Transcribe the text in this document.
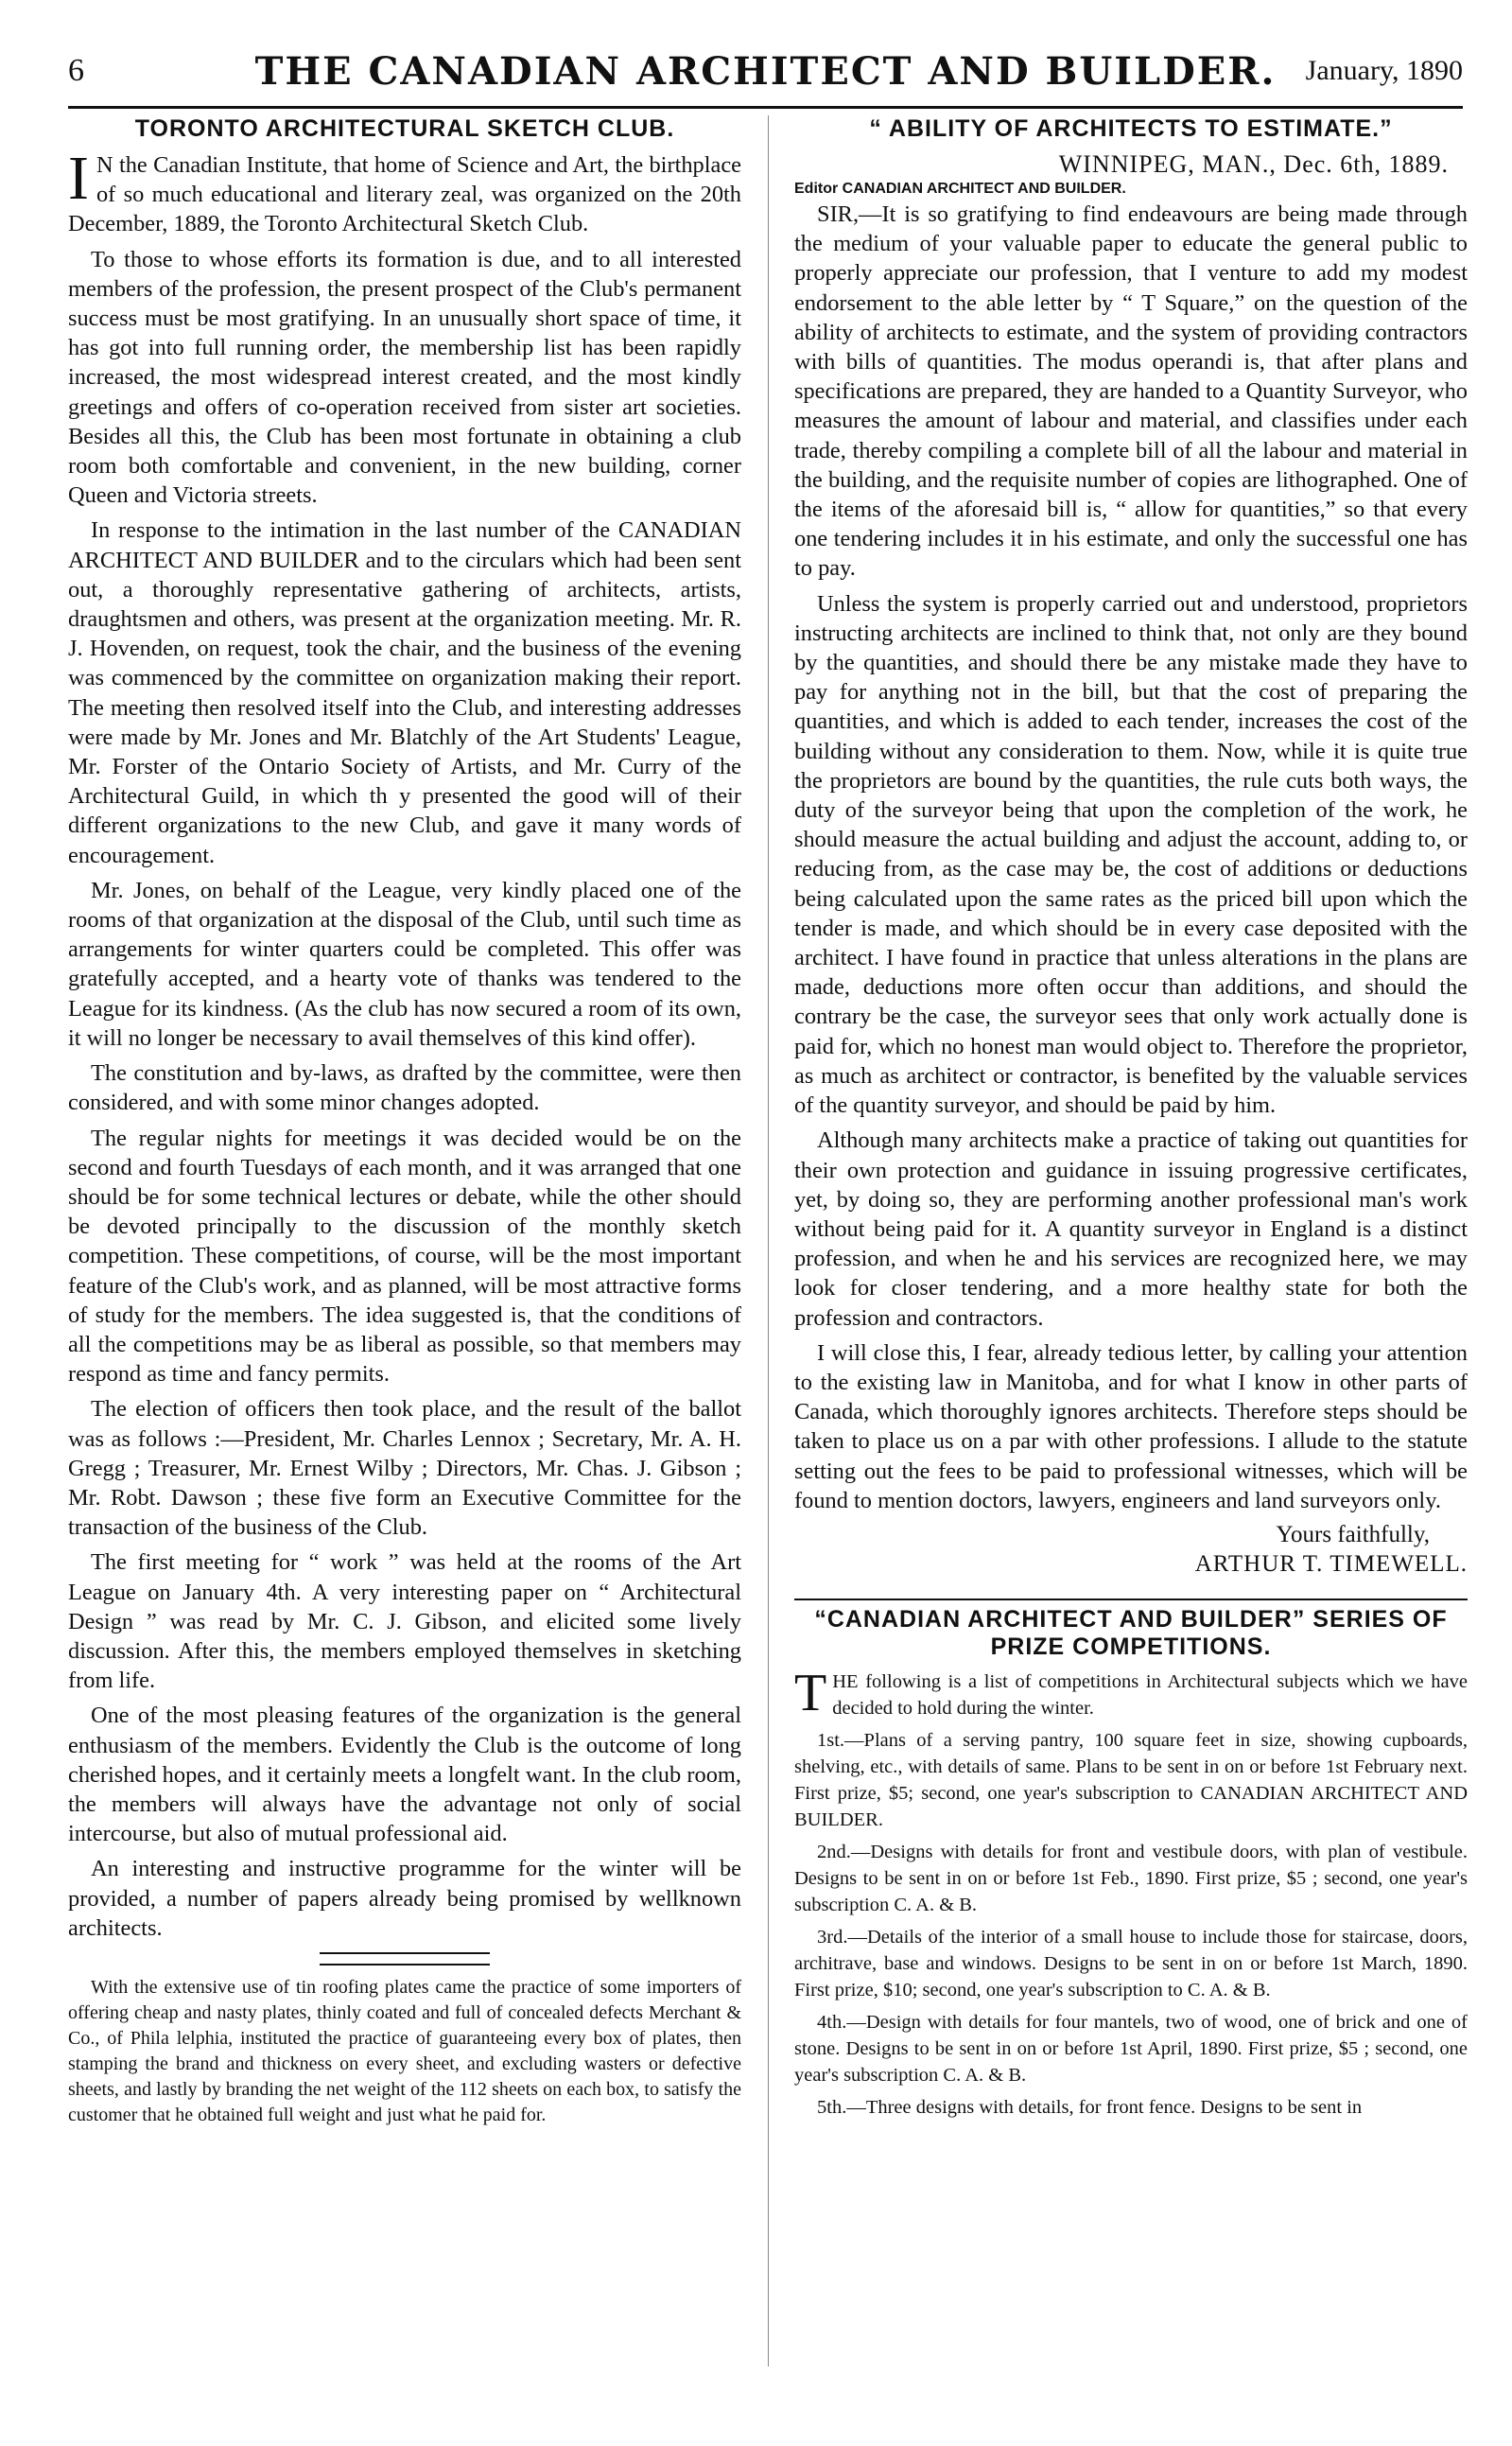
6	THE CANADIAN ARCHITECT AND BUILDER.	January, 1890
TORONTO ARCHITECTURAL SKETCH CLUB.

I N the Canadian Institute, that home of Science and Art, the birthplace of so much educational and literary zeal, was organized on the 20th December, 1889, the Toronto Architectural Sketch Club.

To those to whose efforts its formation is due, and to all interested members of the profession, the present prospect of the Club's permanent success must be most gratifying. In an unusually short space of time, it has got into full running order, the membership list has been rapidly increased, the most widespread interest created, and the most kindly greetings and offers of co-operation received from sister art societies. Besides all this, the Club has been most fortunate in obtaining a club room both comfortable and convenient, in the new building, corner Queen and Victoria streets.

In response to the intimation in the last number of the CANADIAN ARCHITECT AND BUILDER and to the circulars which had been sent out, a thoroughly representative gathering of architects, artists, draughtsmen and others, was present at the organization meeting. Mr. R. J. Hovenden, on request, took the chair, and the business of the evening was commenced by the committee on organization making their report. The meeting then resolved itself into the Club, and interesting addresses were made by Mr. Jones and Mr. Blatchly of the Art Students' League, Mr. Forster of the Ontario Society of Artists, and Mr. Curry of the Architectural Guild, in which th y presented the good will of their different organizations to the new Club, and gave it many words of encouragement.

Mr. Jones, on behalf of the League, very kindly placed one of the rooms of that organization at the disposal of the Club, until such time as arrangements for winter quarters could be completed. This offer was gratefully accepted, and a hearty vote of thanks was tendered to the League for its kindness. (As the club has now secured a room of its own, it will no longer be necessary to avail themselves of this kind offer).

The constitution and by-laws, as drafted by the committee, were then considered, and with some minor changes adopted.

The regular nights for meetings it was decided would be on the second and fourth Tuesdays of each month, and it was arranged that one should be for some technical lectures or debate, while the other should be devoted principally to the discussion of the monthly sketch competition. These competitions, of course, will be the most important feature of the Club's work, and as planned, will be most attractive forms of study for the members. The idea suggested is, that the conditions of all the competitions may be as liberal as possible, so that members may respond as time and fancy permits.

The election of officers then took place, and the result of the ballot was as follows :—President, Mr. Charles Lennox ; Secretary, Mr. A. H. Gregg ; Treasurer, Mr. Ernest Wilby ; Directors, Mr. Chas. J. Gibson ; Mr. Robt. Dawson ; these five form an Executive Committee for the transaction of the business of the Club.

The first meeting for “ work ” was held at the rooms of the Art League on January 4th. A very interesting paper on “ Architectural Design ” was read by Mr. C. J. Gibson, and elicited some lively discussion. After this, the members employed themselves in sketching from life.

One of the most pleasing features of the organization is the general enthusiasm of the members. Evidently the Club is the outcome of long cherished hopes, and it certainly meets a longfelt want. In the club room, the members will always have the advantage not only of social intercourse, but also of mutual professional aid.

An interesting and instructive programme for the winter will be provided, a number of papers already being promised by wellknown architects.

With the extensive use of tin roofing plates came the practice of some importers of offering cheap and nasty plates, thinly coated and full of concealed defects Merchant & Co., of Phila lelphia, instituted the practice of guaranteeing every box of plates, then stamping the brand and thickness on every sheet, and excluding wasters or defective sheets, and lastly by branding the net weight of the 112 sheets on each box, to satisfy the customer that he obtained full weight and just what he paid for.

“ ABILITY OF ARCHITECTS TO ESTIMATE.”
WINNIPEG, MAN., Dec. 6th, 1889.
Editor CANADIAN ARCHITECT AND BUILDER.

SIR,—It is so gratifying to find endeavours are being made through the medium of your valuable paper to educate the general public to properly appreciate our profession, that I venture to add my modest endorsement to the able letter by “ T Square,” on the question of the ability of architects to estimate, and the system of providing contractors with bills of quantities. The modus operandi is, that after plans and specifications are prepared, they are handed to a Quantity Surveyor, who measures the amount of labour and material, and classifies under each trade, thereby compiling a complete bill of all the labour and material in the building, and the requisite number of copies are lithographed. One of the items of the aforesaid bill is, “ allow for quantities,” so that every one tendering includes it in his estimate, and only the successful one has to pay.

Unless the system is properly carried out and understood, proprietors instructing architects are inclined to think that, not only are they bound by the quantities, and should there be any mistake made they have to pay for anything not in the bill, but that the cost of preparing the quantities, and which is added to each tender, increases the cost of the building without any consideration to them. Now, while it is quite true the proprietors are bound by the quantities, the rule cuts both ways, the duty of the surveyor being that upon the completion of the work, he should measure the actual building and adjust the account, adding to, or reducing from, as the case may be, the cost of additions or deductions being calculated upon the same rates as the priced bill upon which the tender is made, and which should be in every case deposited with the architect. I have found in practice that unless alterations in the plans are made, deductions more often occur than additions, and should the contrary be the case, the surveyor sees that only work actually done is paid for, which no honest man would object to. Therefore the proprietor, as much as architect or contractor, is benefited by the valuable services of the quantity surveyor, and should be paid by him.

Although many architects make a practice of taking out quantities for their own protection and guidance in issuing progressive certificates, yet, by doing so, they are performing another professional man's work without being paid for it. A quantity surveyor in England is a distinct profession, and when he and his services are recognized here, we may look for closer tendering, and a more healthy state for both the profession and contractors.

I will close this, I fear, already tedious letter, by calling your attention to the existing law in Manitoba, and for what I know in other parts of Canada, which thoroughly ignores architects. Therefore steps should be taken to place us on a par with other professions. I allude to the statute setting out the fees to be paid to professional witnesses, which will be found to mention doctors, lawyers, engineers and land surveyors only.

Yours faithfully,
ARTHUR T. TIMEWELL.
“CANADIAN ARCHITECT AND BUILDER” SERIES OF PRIZE COMPETITIONS.

THE following is a list of competitions in Architectural subjects which we have decided to hold during the winter.

1st.—Plans of a serving pantry, 100 square feet in size, showing cupboards, shelving, etc., with details of same. Plans to be sent in on or before 1st February next. First prize, $5; second, one year's subscription to CANADIAN ARCHITECT AND BUILDER.

2nd.—Designs with details for front and vestibule doors, with plan of vestibule. Designs to be sent in on or before 1st Feb., 1890. First prize, $5 ; second, one year's subscription C. A. & B.

3rd.—Details of the interior of a small house to include those for staircase, doors, architrave, base and windows. Designs to be sent in on or before 1st March, 1890. First prize, $10; second, one year's subscription to C. A. & B.

4th.—Design with details for four mantels, two of wood, one of brick and one of stone. Designs to be sent in on or before 1st April, 1890. First prize, $5 ; second, one year's subscription C. A. & B.

5th.—Three designs with details, for front fence. Designs to be sent in
